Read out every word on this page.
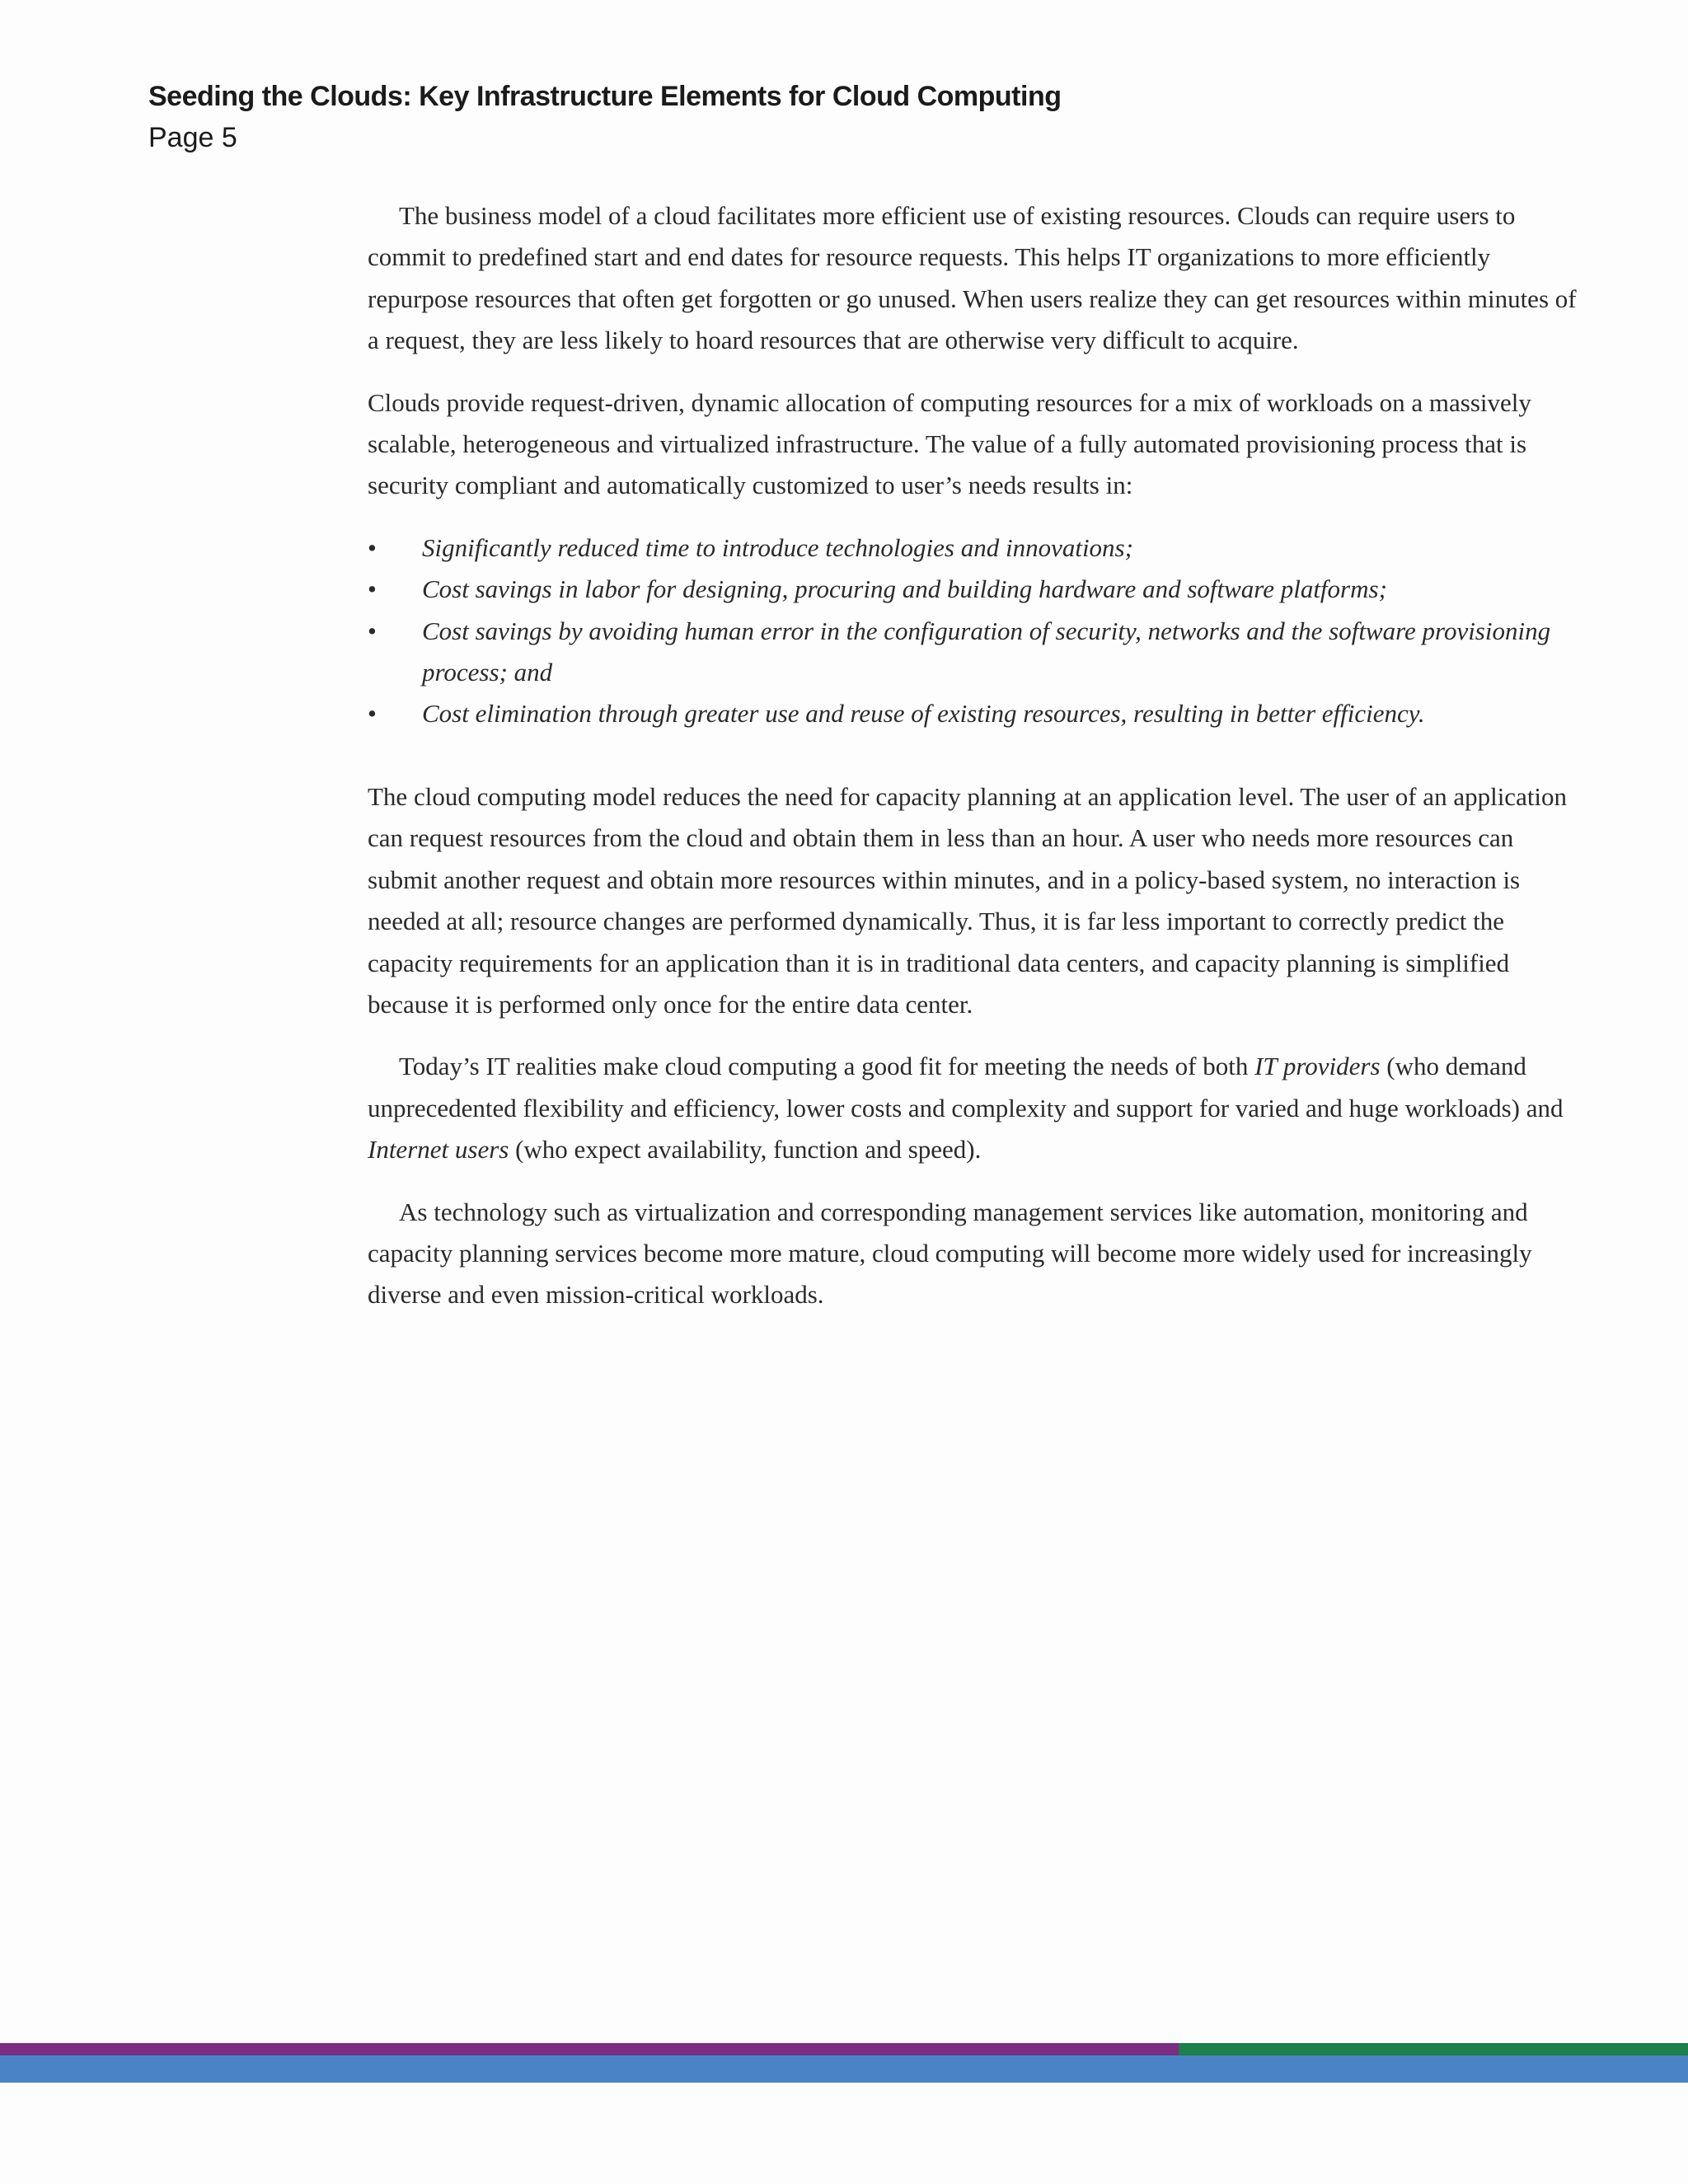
Seeding the Clouds: Key Infrastructure Elements for Cloud Computing
Page 5

The business model of a cloud facilitates more efficient use of existing resources. Clouds can require users to commit to predefined start and end dates for resource requests. This helps IT organizations to more efficiently repurpose resources that often get forgotten or go unused. When users realize they can get resources within minutes of a request, they are less likely to hoard resources that are otherwise very difficult to acquire.

Clouds provide request-driven, dynamic allocation of computing resources for a mix of workloads on a massively scalable, heterogeneous and virtualized infrastructure. The value of a fully automated provisioning process that is security compliant and automatically customized to user’s needs results in:

• Significantly reduced time to introduce technologies and innovations;
• Cost savings in labor for designing, procuring and building hardware and software platforms;
• Cost savings by avoiding human error in the configuration of security, networks and the software provisioning process; and
• Cost elimination through greater use and reuse of existing resources, resulting in better efficiency.

The cloud computing model reduces the need for capacity planning at an application level. The user of an application can request resources from the cloud and obtain them in less than an hour. A user who needs more resources can submit another request and obtain more resources within minutes, and in a policy-based system, no interaction is needed at all; resource changes are performed dynamically. Thus, it is far less important to correctly predict the capacity requirements for an application than it is in traditional data centers, and capacity planning is simplified because it is performed only once for the entire data center.

Today’s IT realities make cloud computing a good fit for meeting the needs of both IT providers (who demand unprecedented flexibility and efficiency, lower costs and complexity and support for varied and huge workloads) and Internet users (who expect availability, function and speed).

As technology such as virtualization and corresponding management services like automation, monitoring and capacity planning services become more mature, cloud computing will become more widely used for increasingly diverse and even mission-critical workloads.
